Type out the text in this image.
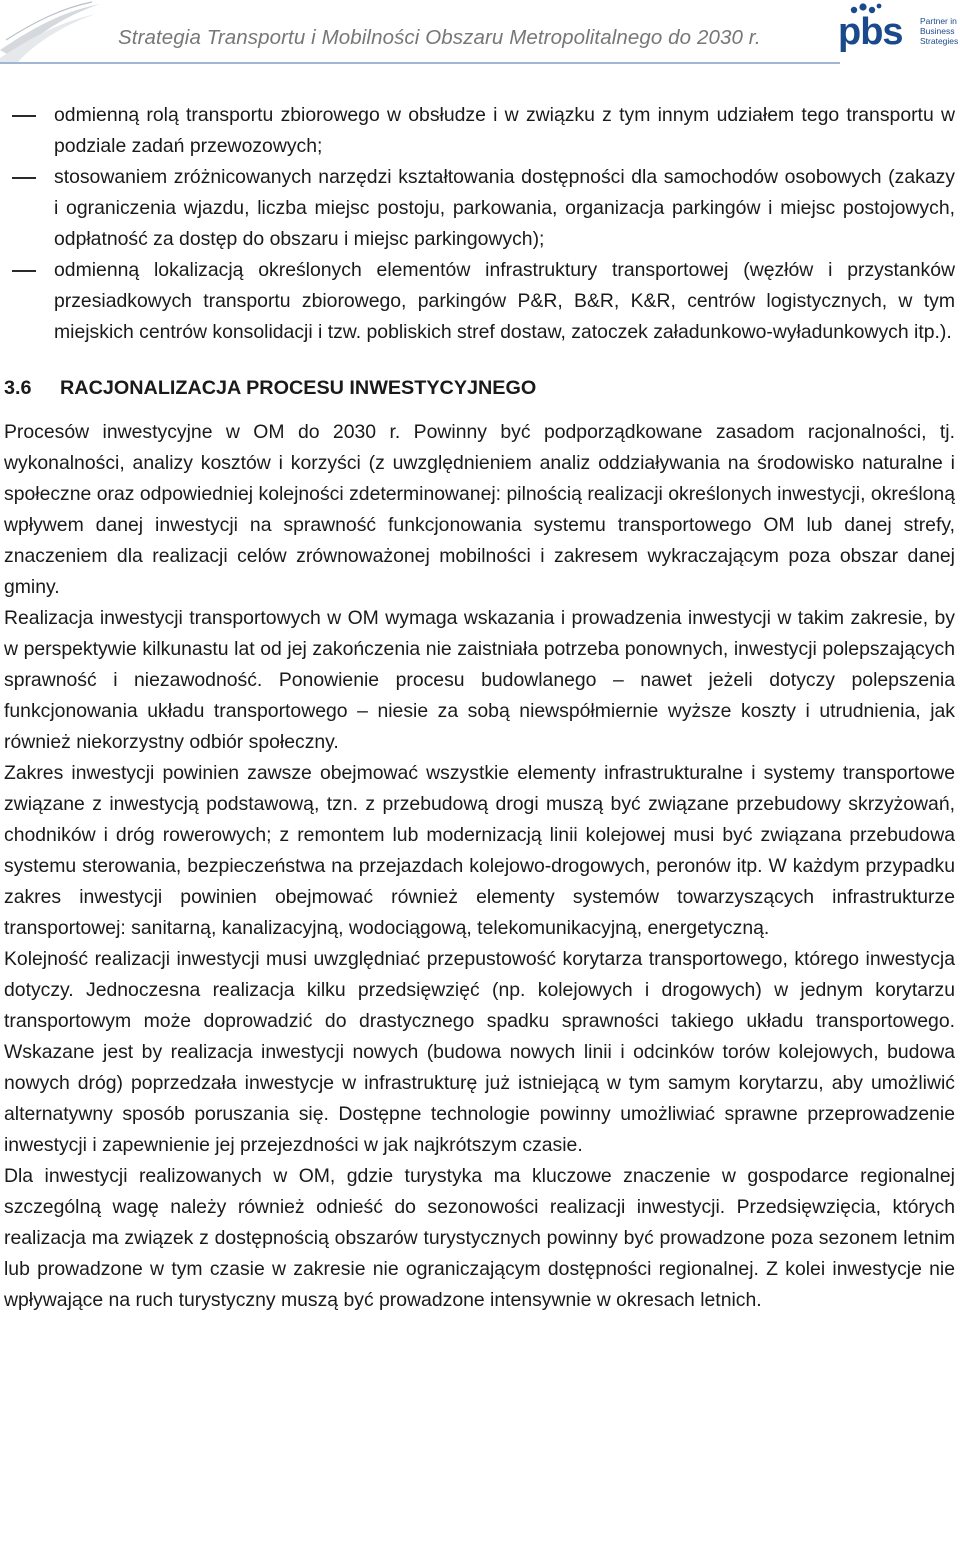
Strategia Transportu i Mobilności Obszaru Metropolitalnego do 2030 r. pbs Partner in
Business
Strategies
odmienną rolą transportu zbiorowego w obsłudze i w związku z tym innym udziałem tego transportu w podziale zadań przewozowych;
stosowaniem zróżnicowanych narzędzi kształtowania dostępności dla samochodów osobowych (zakazy i ograniczenia wjazdu, liczba miejsc postoju, parkowania, organizacja parkingów i miejsc postojowych, odpłatność za dostęp do obszaru i miejsc parkingowych);
odmienną lokalizacją określonych elementów infrastruktury transportowej (węzłów i przystanków przesiadkowych transportu zbiorowego, parkingów P&R, B&R, K&R, centrów logistycznych, w tym miejskich centrów konsolidacji i tzw. pobliskich stref dostaw, zatoczek załadunkowo-wyładunkowych itp.).
3.6 RACJONALIZACJA PROCESU INWESTYCYJNEGO

Procesów inwestycyjne w OM do 2030 r. Powinny być podporządkowane zasadom racjonalności, tj. wykonalności, analizy kosztów i korzyści (z uwzględnieniem analiz oddziaływania na środowisko naturalne i społeczne oraz odpowiedniej kolejności zdeterminowanej: pilnością realizacji określonych inwestycji, określoną wpływem danej inwestycji na sprawność funkcjonowania systemu transportowego OM lub danej strefy, znaczeniem dla realizacji celów zrównoważonej mobilności i zakresem wykraczającym poza obszar danej gminy.

Realizacja inwestycji transportowych w OM wymaga wskazania i prowadzenia inwestycji w takim zakresie, by w perspektywie kilkunastu lat od jej zakończenia nie zaistniała potrzeba ponownych, inwestycji polepszających sprawność i niezawodność. Ponowienie procesu budowlanego – nawet jeżeli dotyczy polepszenia funkcjonowania układu transportowego – niesie za sobą niewspółmiernie wyższe koszty i utrudnienia, jak również niekorzystny odbiór społeczny.

Zakres inwestycji powinien zawsze obejmować wszystkie elementy infrastrukturalne i systemy transportowe związane z inwestycją podstawową, tzn. z przebudową drogi muszą być związane przebudowy skrzyżowań, chodników i dróg rowerowych; z remontem lub modernizacją linii kolejowej musi być związana przebudowa systemu sterowania, bezpieczeństwa na przejazdach kolejowo-drogowych, peronów itp. W każdym przypadku zakres inwestycji powinien obejmować również elementy systemów towarzyszących infrastrukturze transportowej: sanitarną, kanalizacyjną, wodociągową, telekomunikacyjną, energetyczną.

Kolejność realizacji inwestycji musi uwzględniać przepustowość korytarza transportowego, którego inwestycja dotyczy. Jednoczesna realizacja kilku przedsięwzięć (np. kolejowych i drogowych) w jednym korytarzu transportowym może doprowadzić do drastycznego spadku sprawności takiego układu transportowego. Wskazane jest by realizacja inwestycji nowych (budowa nowych linii i odcinków torów kolejowych, budowa nowych dróg) poprzedzała inwestycje w infrastrukturę już istniejącą w tym samym korytarzu, aby umożliwić alternatywny sposób poruszania się. Dostępne technologie powinny umożliwiać sprawne przeprowadzenie inwestycji i zapewnienie jej przejezdności w jak najkrótszym czasie.

Dla inwestycji realizowanych w OM, gdzie turystyka ma kluczowe znaczenie w gospodarce regionalnej szczególną wagę należy również odnieść do sezonowości realizacji inwestycji. Przedsięwzięcia, których realizacja ma związek z dostępnością obszarów turystycznych powinny być prowadzone poza sezonem letnim lub prowadzone w tym czasie w zakresie nie ograniczającym dostępności regionalnej. Z kolei inwestycje nie wpływające na ruch turystyczny muszą być prowadzone intensywnie w okresach letnich.
